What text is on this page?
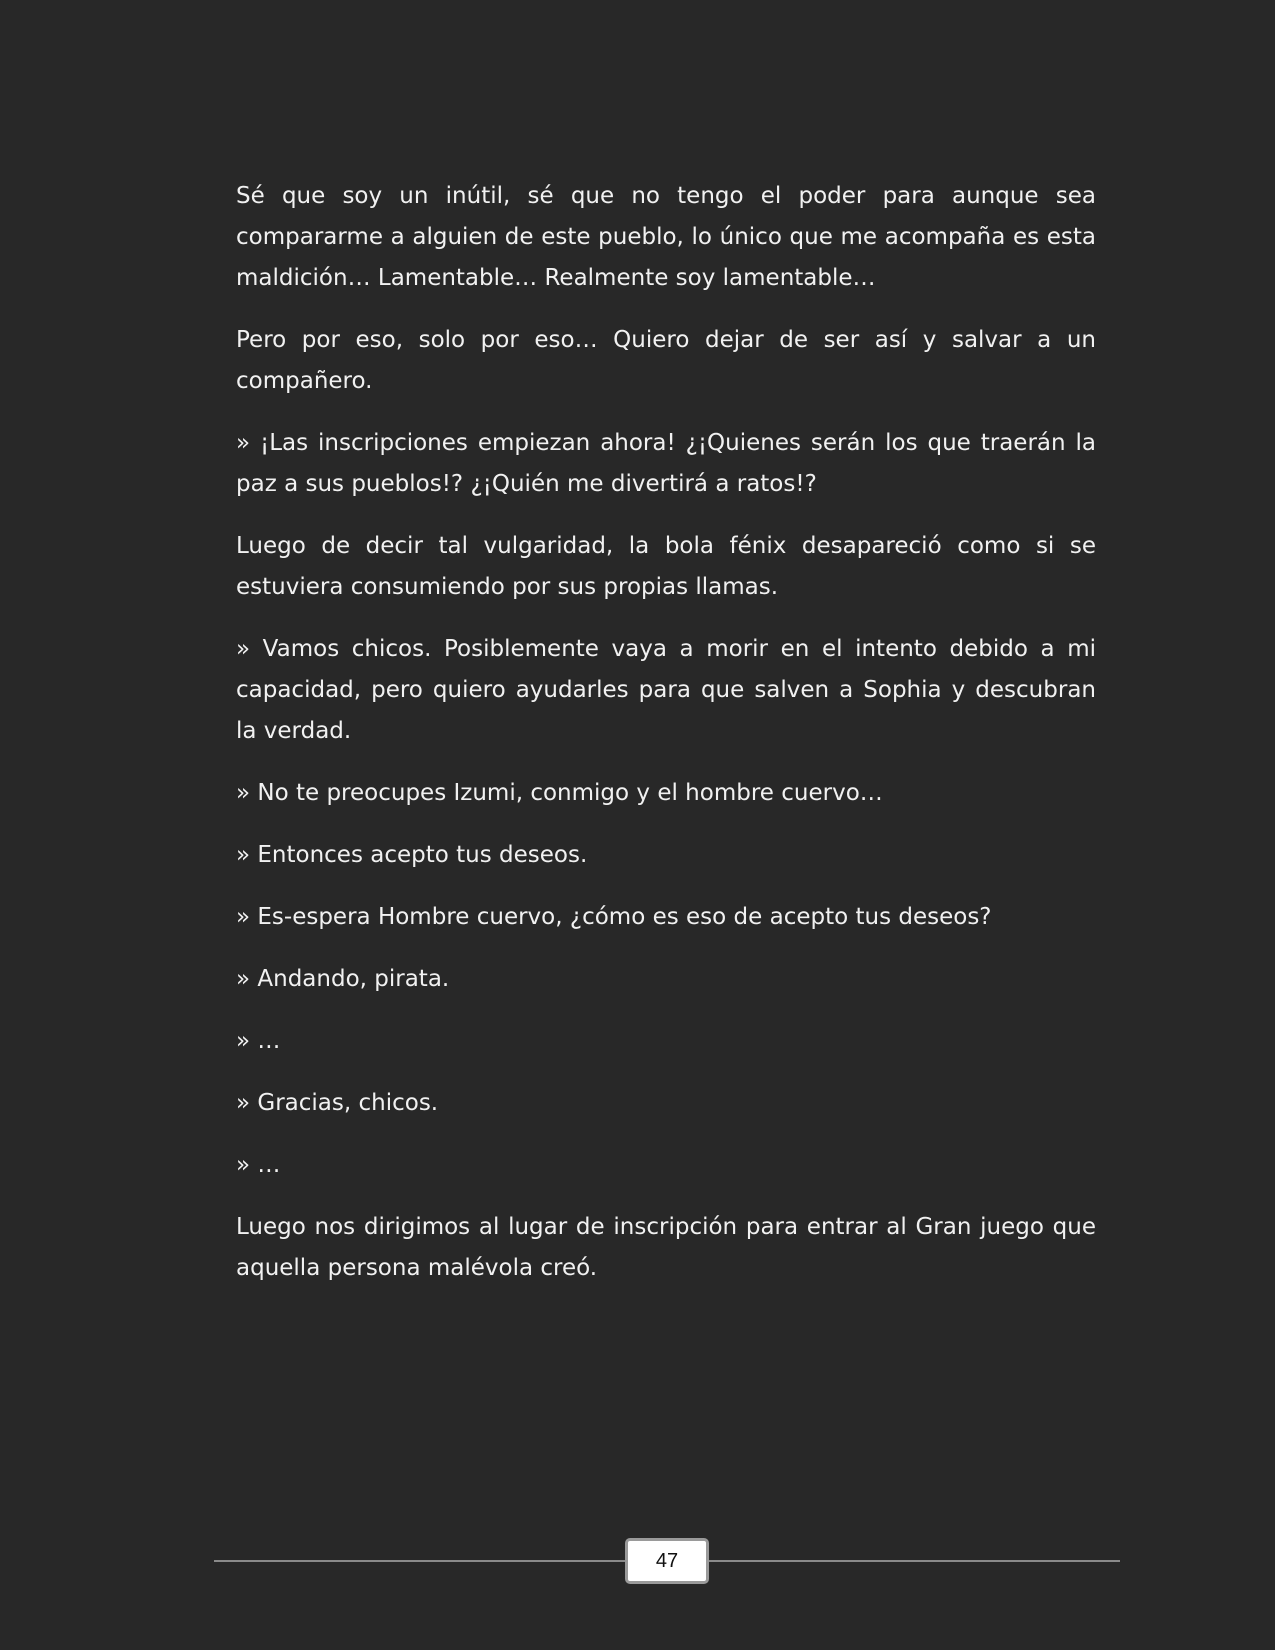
Sé que soy un inútil, sé que no tengo el poder para aunque sea compararme a alguien de este pueblo, lo único que me acompaña es esta maldición… Lamentable… Realmente soy lamentable…

Pero por eso, solo por eso… Quiero dejar de ser así y salvar a un compañero.

» ¡Las inscripciones empiezan ahora! ¿¡Quienes serán los que traerán la paz a sus pueblos!? ¿¡Quién me divertirá a ratos!?

Luego de decir tal vulgaridad, la bola fénix desapareció como si se estuviera consumiendo por sus propias llamas.

» Vamos chicos. Posiblemente vaya a morir en el intento debido a mi capacidad, pero quiero ayudarles para que salven a Sophia y descubran la verdad.

» No te preocupes Izumi, conmigo y el hombre cuervo…

» Entonces acepto tus deseos.

» Es-espera Hombre cuervo, ¿cómo es eso de acepto tus deseos?

» Andando, pirata.

» …

» Gracias, chicos.

» …

Luego nos dirigimos al lugar de inscripción para entrar al Gran juego que aquella persona malévola creó.

47
